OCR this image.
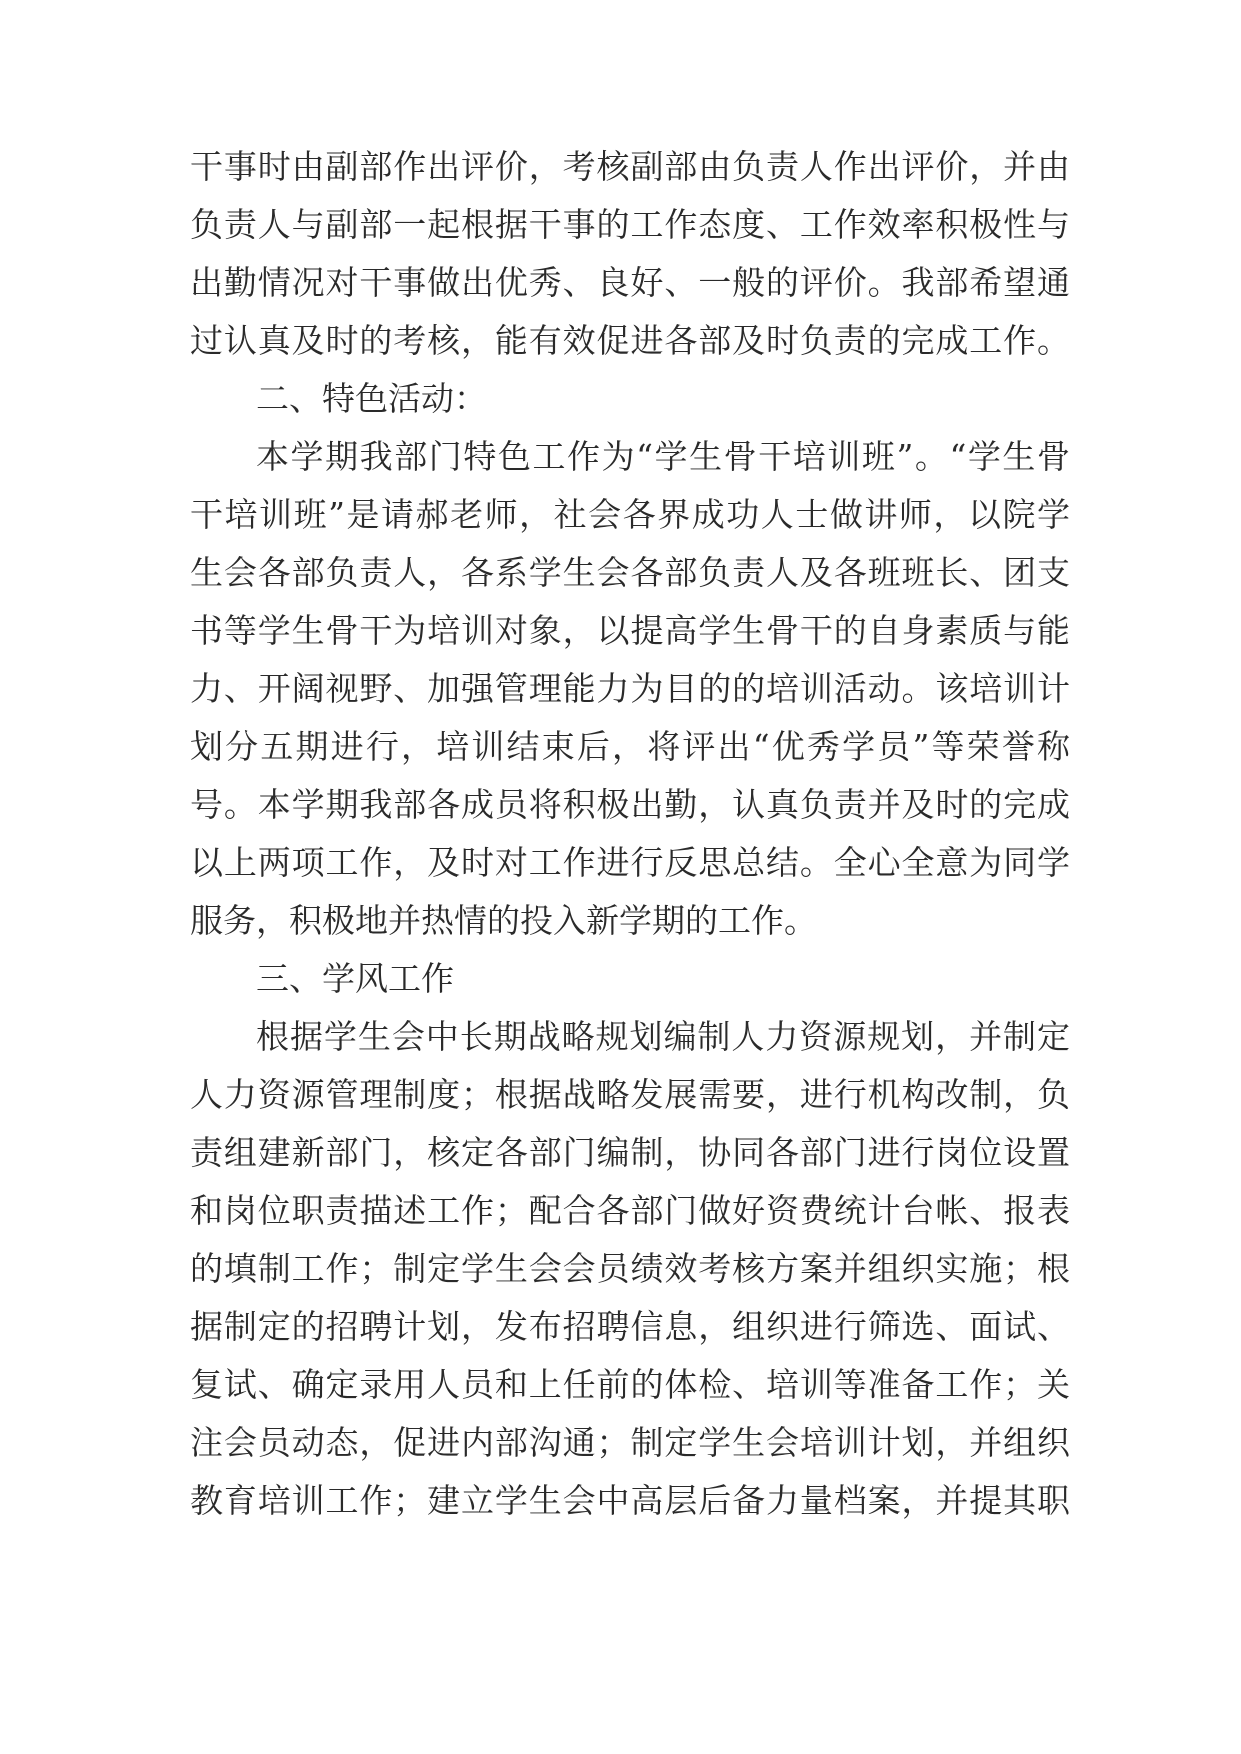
干事时由副部作出评价，考核副部由负责人作出评价，并由
负责人与副部一起根据干事的工作态度、工作效率积极性与
出勤情况对干事做出优秀、良好、一般的评价。我部希望通
过认真及时的考核，能有效促进各部及时负责的完成工作。
二、特色活动：
本学期我部门特色工作为“学生骨干培训班”。“学生骨
干培训班”是请郝老师，社会各界成功人士做讲师，以院学
生会各部负责人，各系学生会各部负责人及各班班长、团支
书等学生骨干为培训对象，以提高学生骨干的自身素质与能
力、开阔视野、加强管理能力为目的的培训活动。该培训计
划分五期进行，培训结束后，将评出“优秀学员”等荣誉称
号。本学期我部各成员将积极出勤，认真负责并及时的完成
以上两项工作，及时对工作进行反思总结。全心全意为同学
服务，积极地并热情的投入新学期的工作。
三、学风工作
根据学生会中长期战略规划编制人力资源规划，并制定
人力资源管理制度；根据战略发展需要，进行机构改制，负
责组建新部门，核定各部门编制，协同各部门进行岗位设置
和岗位职责描述工作；配合各部门做好资费统计台帐、报表
的填制工作；制定学生会会员绩效考核方案并组织实施；根
据制定的招聘计划，发布招聘信息，组织进行筛选、面试、
复试、确定录用人员和上任前的体检、培训等准备工作；关
注会员动态，促进内部沟通；制定学生会培训计划，并组织
教育培训工作；建立学生会中高层后备力量档案，并提其职
